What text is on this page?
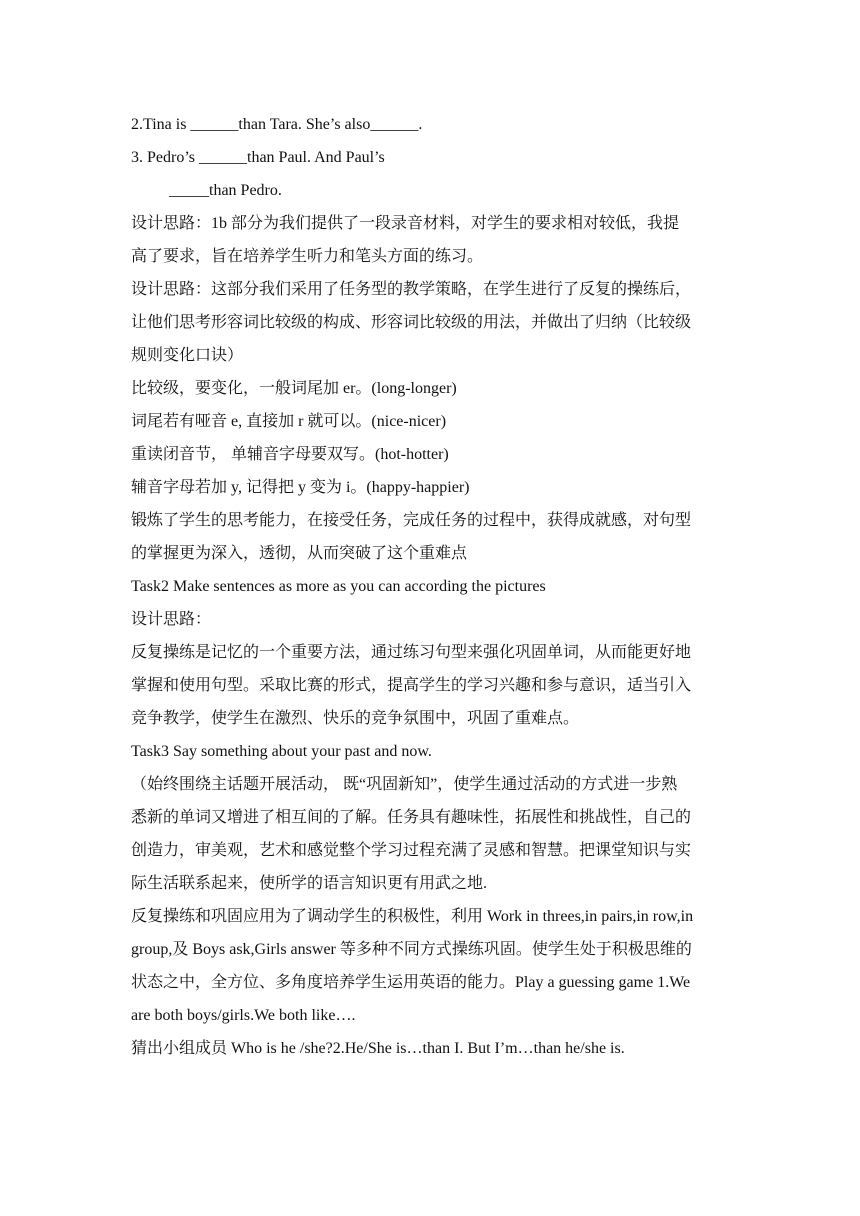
2.Tina is ______than Tara. She’s also______.
3. Pedro’s ______than Paul. And Paul’s
_____than Pedro.
设计思路：1b 部分为我们提供了一段录音材料，对学生的要求相对较低，我提
高了要求，旨在培养学生听力和笔头方面的练习。
设计思路：这部分我们采用了任务型的教学策略，在学生进行了反复的操练后，
让他们思考形容词比较级的构成、形容词比较级的用法，并做出了归纳（比较级
规则变化口诀）
比较级，要变化，一般词尾加 er。(long-longer)
词尾若有哑音 e, 直接加 r 就可以。(nice-nicer)
重读闭音节， 单辅音字母要双写。(hot-hotter)
辅音字母若加 y, 记得把 y 变为 i。(happy-happier)
锻炼了学生的思考能力，在接受任务，完成任务的过程中，获得成就感，对句型
的掌握更为深入，透彻，从而突破了这个重难点
Task2 Make sentences as more as you can according the pictures
设计思路：
反复操练是记忆的一个重要方法，通过练习句型来强化巩固单词，从而能更好地
掌握和使用句型。采取比赛的形式，提高学生的学习兴趣和参与意识，适当引入
竞争教学，使学生在激烈、快乐的竞争氛围中，巩固了重难点。
Task3 Say something about your past and now.
（始终围绕主话题开展活动， 既“巩固新知”，使学生通过活动的方式进一步熟
悉新的单词又增进了相互间的了解。任务具有趣味性，拓展性和挑战性，自己的
创造力，审美观，艺术和感觉整个学习过程充满了灵感和智慧。把课堂知识与实
际生活联系起来，使所学的语言知识更有用武之地.
反复操练和巩固应用为了调动学生的积极性，利用 Work in threes,in pairs,in row,in
group,及 Boys ask,Girls answer 等多种不同方式操练巩固。使学生处于积极思维的
状态之中，全方位、多角度培养学生运用英语的能力。Play a guessing game 1.We
are both boys/girls.We both like….
猜出小组成员 Who is he /she?2.He/She is…than I. But I’m…than he/she is.
